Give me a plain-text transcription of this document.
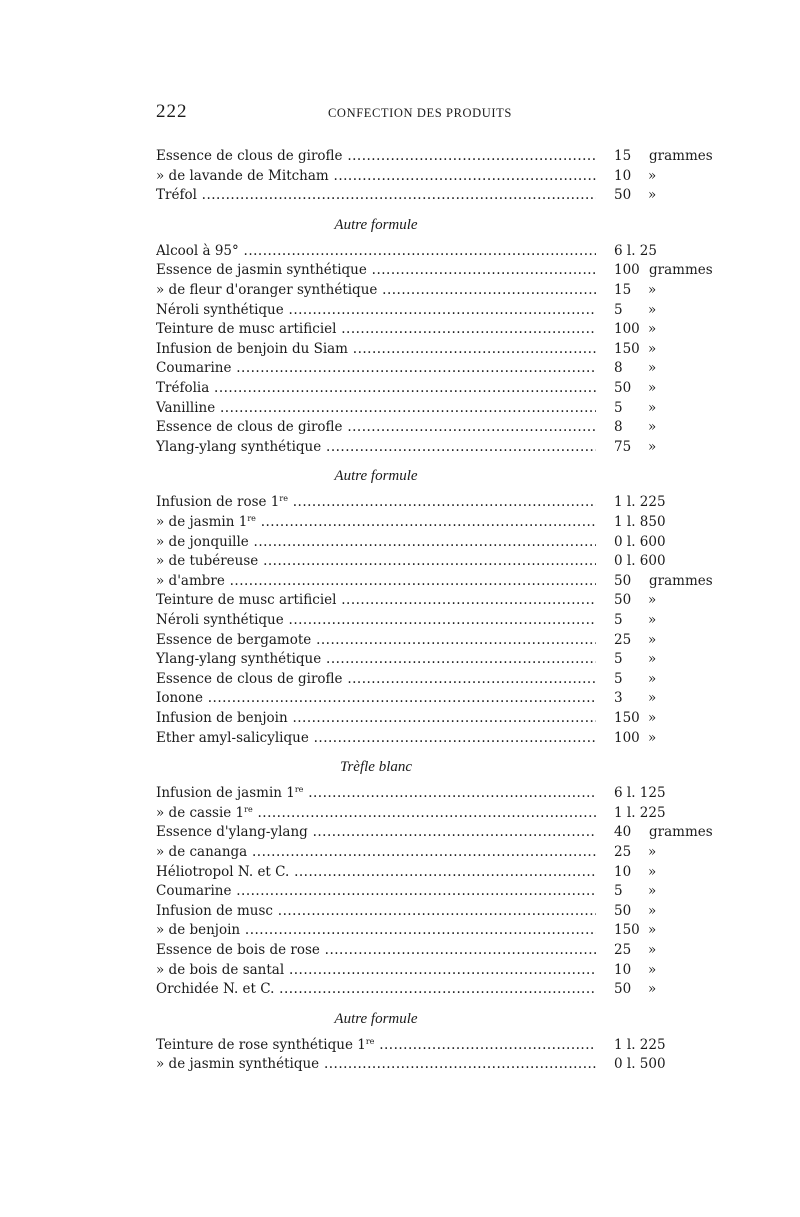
222	CONFECTION DES PRODUITS
Essence de clous de girofle .....	15 grammes
» de lavande de Mitcham .....	10 »
Tréfol .....	50 »
Autre formule
Alcool à 95° .....	6 l. 25
Essence de jasmin synthétique .....	100 grammes
» de fleur d'oranger synthétique .....	15 »
Néroli synthétique .....	5 »
Teinture de musc artificiel .....	100 »
Infusion de benjoin du Siam .....	150 »
Coumarine .....	8 »
Tréfolia .....	50 »
Vanilline .....	5 »
Essence de clous de girofle .....	8 »
Ylang-ylang synthétique .....	75 »
Autre formule
Infusion de rose 1re .....	1 l. 225
» de jasmin 1re .....	1 l. 850
» de jonquille .....	0 l. 600
» de tubéreuse .....	0 l. 600
» d'ambre .....	50 grammes
Teinture de musc artificiel .....	50 »
Néroli synthétique .....	5 »
Essence de bergamote .....	25 »
Ylang-ylang synthétique .....	5 »
Essence de clous de girofle .....	5 »
Ionone .....	3 »
Infusion de benjoin .....	150 »
Ether amyl-salicylique .....	100 »
Trèfle blanc
Infusion de jasmin 1re .....	6 l. 125
» de cassie 1re .....	1 l. 225
Essence d'ylang-ylang .....	40 grammes
» de cananga .....	25 »
Héliotropol N. et C. .....	10 »
Coumarine .....	5 »
Infusion de musc .....	50 »
» de benjoin .....	150 »
Essence de bois de rose .....	25 »
» de bois de santal .....	10 »
Orchidée N. et C. .....	50 »
Autre formule
Teinture de rose synthétique 1re .....	1 l. 225
» de jasmin synthétique .....	0 l. 500
